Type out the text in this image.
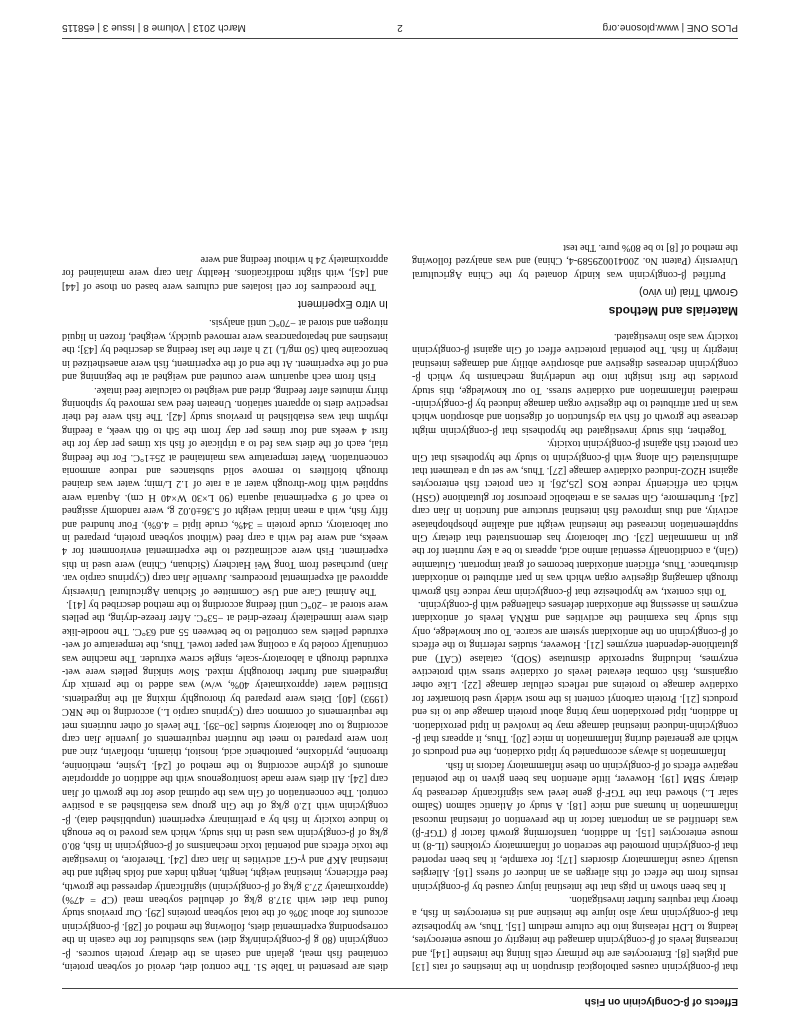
Effects of β-Conglycinin on Fish

that β-conglycinin causes pathological disruption in the intestines of rats [13] and piglets [8]. Enterocytes are the primary cells lining the intestine [14], and increasing levels of β-conglycinin damaged the integrity of mouse enterocytes, leading to LDH releasing into the culture medium [15]. Thus, we hypothesize that β-conglycinin may also injure the intestine and its enterocytes in fish, a theory that requires further investigation.

It has been shown in pigs that the intestinal injury caused by β-conglycinin results from the effect of this allergen as an inducer of stress [16]. Allergies usually cause inflammatory disorders [17]; for example, it has been reported that β-conglycinin promoted the secretion of inflammatory cytokines (IL-8) in mouse enterocytes [15]. In addition, transforming growth factor β (TGF-β) was identified as an important factor in the prevention of intestinal mucosal inflammation in humans and mice [18]. A study of Atlantic salmon (Salmo salar L.) showed that the TGF-β gene level was significantly decreased by dietary SBM [19]. However, little attention has been given to the potential negative effects of β-conglycinin on these inflammatory factors in fish.

Inflammation is always accompanied by lipid oxidation, the end products of which are generated during inflammation in mice [20]. Thus, it appears that β-conglycinin-induced intestinal damage may be involved in lipid peroxidation. In addition, lipid peroxidation may bring about protein damage due to its end products [21]. Protein carbonyl content is the most widely used biomarker for oxidative damage to proteins and reflects cellular damage [22]. Like other organisms, fish combat elevated levels of oxidative stress with protective enzymes, including superoxide dismutase (SOD), catalase (CAT) and glutathione-dependent enzymes [21]. However, studies referring to the effects of β-conglycinin on the antioxidant system are scarce. To our knowledge, only this study has examined the activities and mRNA levels of antioxidant enzymes in assessing the antioxidant defenses challenged with β-conglycinin.

To this context, we hypothesize that β-conglycinin may reduce fish growth through damaging digestive organ which was in part attributed to antioxidant disturbance. Thus, efficient antioxidant becomes of great important. Glutamine (Gln), a conditionally essential amino acid, appears to be a key nutrient for the gut in mammalian [23]. Our laboratory has demonstrated that dietary Gln supplementation increased the intestinal weight and alkaline phosphophatase activity, and thus improved fish intestinal structure and function in Jian carp [24]. Furthermore, Gln serves as a metabolic precursor for glutathione (GSH) which can efficiently reduce ROS [25,26]. It can protect fish enterocytes against H2O2-induced oxidative damage [27]. Thus, we set up a treatment that administrated Gln along with β-conglycinin to study the hypothesis that Gln can protect fish against β-conglycinin toxicity.

Together, this study investigated the hypothesis that β-conglycinin might decrease the growth of fish via dysfunction of digestion and absorption which was in part attributed to the digestive organ damage induced by β-conglycinin-mediated inflammation and oxidative stress. To our knowledge, this study provides the first insight into the underlying mechanism by which β-conglycinin decreases digestive and absorptive ability and damages intestinal integrity in fish. The potential protective effect of Gln against β-conglycinin toxicity was also investigated.

Materials and Methods
Growth Trial (in vivo)

Purified β-conglycinin was kindly donated by the China Agricultural University (Patent No. 200410029589-4, China) and was analyzed following the method of [8] to be 80% pure. The test

diets are presented in Table S1. The control diet, devoid of soybean protein, contained fish meal, gelatin and casein as the dietary protein sources. β-conglycinin (80 g β-conglycinin/kg diet) was substituted for the casein in the corresponding experimental diets, following the method of [28]. β-conglycinin accounts for about 30% of the total soybean proteins [29]. Our previous study found that diet with 317.8 g/kg of dehulled soybean meal (CP = 47%) (approximately 27.3 g/kg of β-conglycinin) significantly depressed the growth, feed efficiency, intestinal weight, length, length index and folds height and the intestinal AKP and γ-GT activities in Jian carp [24]. Therefore, to investigate the toxic effects and potential toxic mechanisms of β-conglycinin in fish, 80.0 g/kg of β-conglycinin was used in this study, which was proved to be enough to induce toxicity in fish by a preliminary experiment (unpublished data). β-conglycinin with 12.0 g/kg of the Gln group was established as a positive control. The concentration of Gln was the optimal dose for the growth of Jian carp [24]. All diets were made isonitrogenous with the addition of appropriate amounts of glycine according to the method of [24]. Lysine, methionine, threonine, pyridoxine, pantothenic acid, inositol, thiamin, riboflavin, zinc and iron were prepared to meet the nutrient requirements of juvenile Jian carp according to our laboratory studies [30–39]. The levels of other nutrients met the requirements of common carp (Cyprinus carpio L.) according to the NRC (1993) [40]. Diets were prepared by thoroughly mixing all the ingredients. Distilled water (approximately 40%, w/w) was added to the premix dry ingredients and further thoroughly mixed. Slow sinking pellets were wet-extruded through a laboratory-scale, single screw extruder. The machine was continually cooled by a cooling wet paper towel. Thus, the temperature of wet-extruded pellets was controlled to be between 55 and 63°C. The noodle-like diets were immediately freeze-dried at −53°C. After freeze-drying, the pellets were stored at −20°C until feeding according to the method described by [41].

The Animal Care and Use Committee of Sichuan Agricultural University approved all experimental procedures. Juvenile Jian carp (Cyprinus carpio var. Jian) purchased from Tong Wei Hatchery (Sichuan, China) were used in this experiment. Fish were acclimatized to the experimental environment for 4 weeks, and were fed with a carp feed (without soybean protein, prepared in our laboratory, crude protein = 34%, crude lipid = 4.6%). Four hundred and fifty fish, with a mean initial weight of 5.36±0.02 g, were randomly assigned to each of 9 experimental aquaria (90 L×30 W×40 H cm). Aquaria were supplied with flow-through water at a rate of 1.2 L/min; water was drained through biofilters to remove solid substances and reduce ammonia concentration. Water temperature was maintained at 25±1°C. For the feeding trial, each of the diets was fed to a triplicate of fish six times per day for the first 4 weeks and four times per day from the 5th to 6th week, a feeding rhythm that was established in previous study [42]. The fish were fed their respective diets to apparent satiation. Uneaten feed was removed by siphoning thirty minutes after feeding, dried and weighed to calculate feed intake.

Fish from each aquarium were counted and weighed at the beginning and end of the experiment. At the end of the experiment, fish were anaesthetized in benzocaine bath (50 mg/L) 12 h after the last feeding as described by [43]; the intestines and hepatopancreas were removed quickly, weighed, frozen in liquid nitrogen and stored at −70°C until analysis.

In vitro Experiment

The procedures for cell isolates and cultures were based on those of [44] and [45], with slight modifications. Healthy Jian carp were maintained for approximately 24 h without feeding and were

PLOS ONE | www.plosone.org
2
March 2013 | Volume 8 | Issue 3 | e58115
